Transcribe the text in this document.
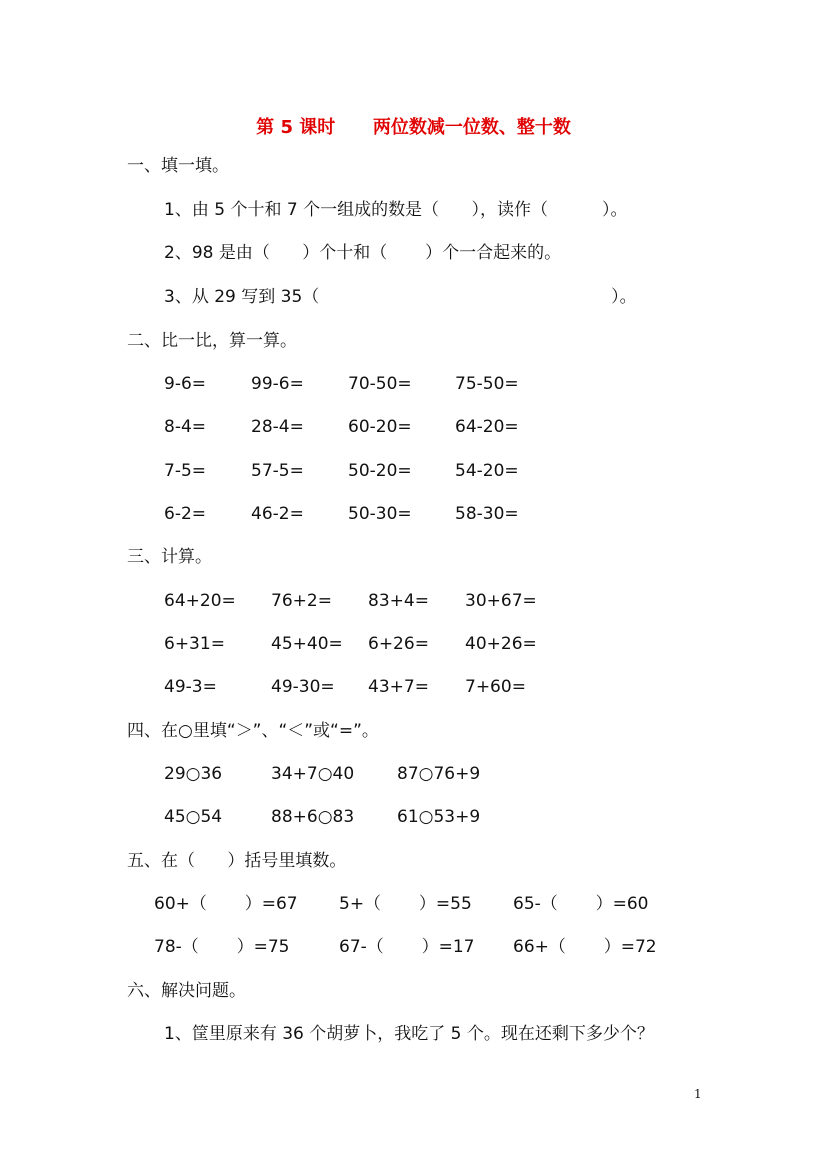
第 5 课时      两位数减一位数、整十数
一、填一填。
1、由 5 个十和 7 个一组成的数是（      ），读作（          ）。
2、98 是由（      ）个十和（       ）个一合起来的。
3、从 29 写到 35（                                                      ）。
二、比一比，算一算。
9-6=	99-6=	70-50=	75-50=
8-4=	28-4=	60-20=	64-20=
7-5=	57-5=	50-20=	54-20=
6-2=	46-2=	50-30=	58-30=
三、计算。
64+20= 76+2= 83+4= 30+67=
6+31=	45+40= 6+26= 40+26=
49-3=	49-30= 43+7= 7+60=
四、在○里填“＞”、“＜”或“=”。
29○36	34+7○40	87○76+9
45○54	88+6○83	61○53+9
五、在（      ）括号里填数。
60+（       ）=67 5+（       ）=55 65-（       ）=60
78-（       ）=75	67-（       ）=17 66+（       ）=72
六、解决问题。
1、筐里原来有 36 个胡萝卜，我吃了 5 个。现在还剩下多少个？
1
